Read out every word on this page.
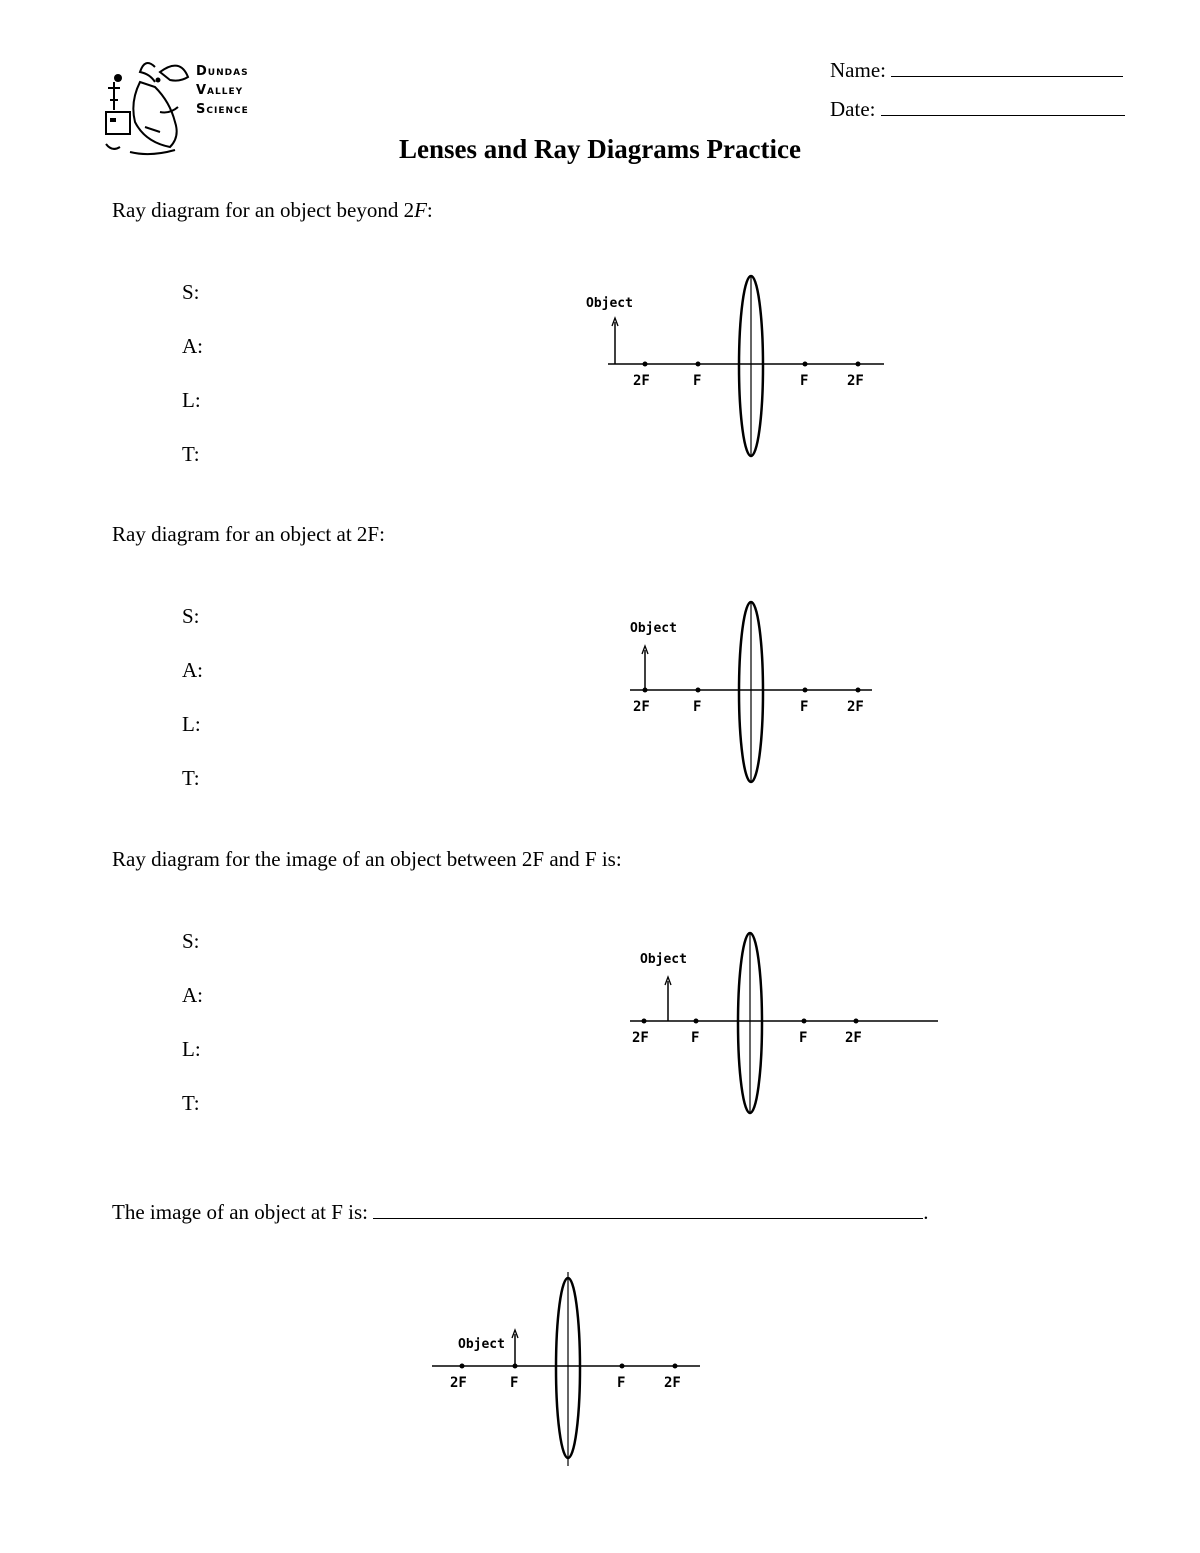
Dundas
Valley
Science
Name:
Date:
Lenses and Ray Diagrams Practice
Ray diagram for an object beyond 2F:
S:
A:
L:
T:
Object
2F	F	F	2F
Ray diagram for an object at 2F:
S:
A:
L:
T:
Object
2F	F	F	2F
Ray diagram for the image of an object between 2F and F is:
S:
A:
L:
T:
Object
2F	F	F	2F
The image of an object at F is:	.
Object
2F	F	F	2F
